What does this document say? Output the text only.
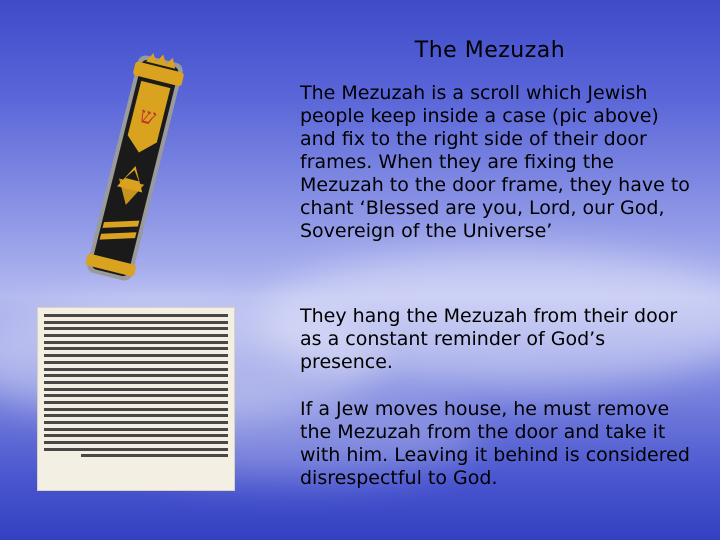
The Mezuzah
ש
The Mezuzah is a scroll which Jewish people keep inside a case (pic above) and fix to the right side of their door frames. When they are fixing the Mezuzah to the door frame, they have to chant ‘Blessed are you, Lord, our God, Sovereign of the Universe’
They hang the Mezuzah from their door as a constant reminder of God’s presence.
If a Jew moves house, he must remove the Mezuzah from the door and take it with him. Leaving it behind is considered disrespectful to God.
